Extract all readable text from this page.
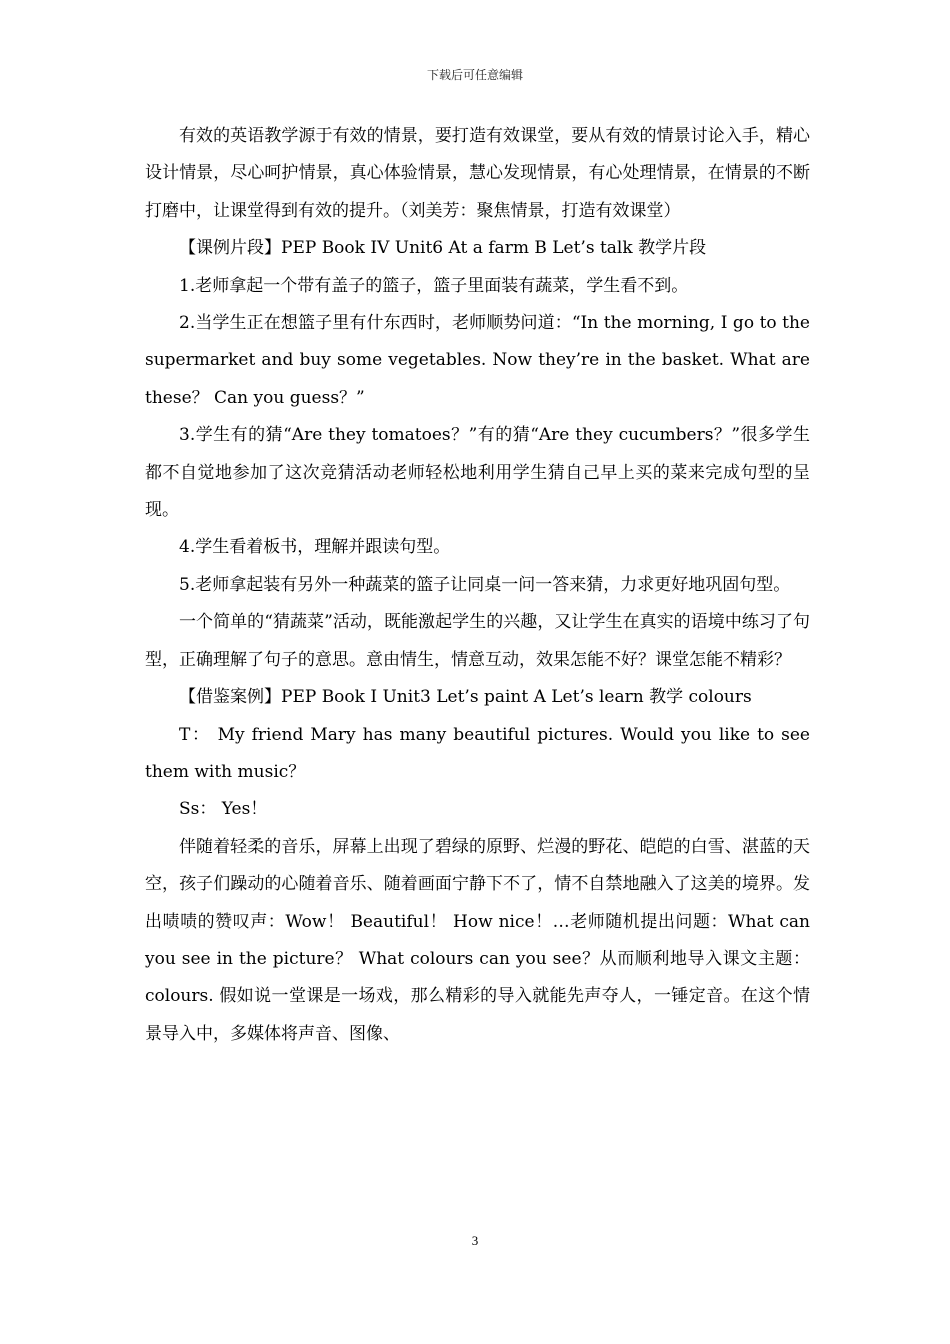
下载后可任意编辑

有效的英语教学源于有效的情景，要打造有效课堂，要从有效的情景讨论入手，精心设计情景，尽心呵护情景，真心体验情景，慧心发现情景，有心处理情景，在情景的不断打磨中，让课堂得到有效的提升。（刘美芳：聚焦情景，打造有效课堂）

【课例片段】PEP Book IV Unit6 At a farm B Let’s talk 教学片段

1.老师拿起一个带有盖子的篮子，篮子里面装有蔬菜，学生看不到。

2.当学生正在想篮子里有什东西时，老师顺势问道：“In the morning, I go to the supermarket and buy some vegetables. Now they’re in the basket. What are these？ Can you guess？”

3.学生有的猜“Are they tomatoes？”有的猜“Are they cucumbers？”很多学生都不自觉地参加了这次竞猜活动老师轻松地利用学生猜自己早上买的菜来完成句型的呈现。

4.学生看着板书，理解并跟读句型。

5.老师拿起装有另外一种蔬菜的篮子让同桌一问一答来猜，力求更好地巩固句型。

一个简单的“猜蔬菜”活动，既能激起学生的兴趣，又让学生在真实的语境中练习了句型，正确理解了句子的意思。意由情生，情意互动，效果怎能不好？课堂怎能不精彩？

【借鉴案例】PEP Book I Unit3 Let’s paint A Let’s learn 教学 colours

T： My friend Mary has many beautiful pictures. Would you like to see them with music？

Ss： Yes！

伴随着轻柔的音乐，屏幕上出现了碧绿的原野、烂漫的野花、皑皑的白雪、湛蓝的天空，孩子们躁动的心随着音乐、随着画面宁静下不了，情不自禁地融入了这美的境界。发出啧啧的赞叹声：Wow！ Beautiful！ How nice！…老师随机提出问题：What can you see in the picture？ What colours can you see？从而顺利地导入课文主题：colours. 假如说一堂课是一场戏，那么精彩的导入就能先声夺人，一锤定音。在这个情景导入中，多媒体将声音、图像、

3
